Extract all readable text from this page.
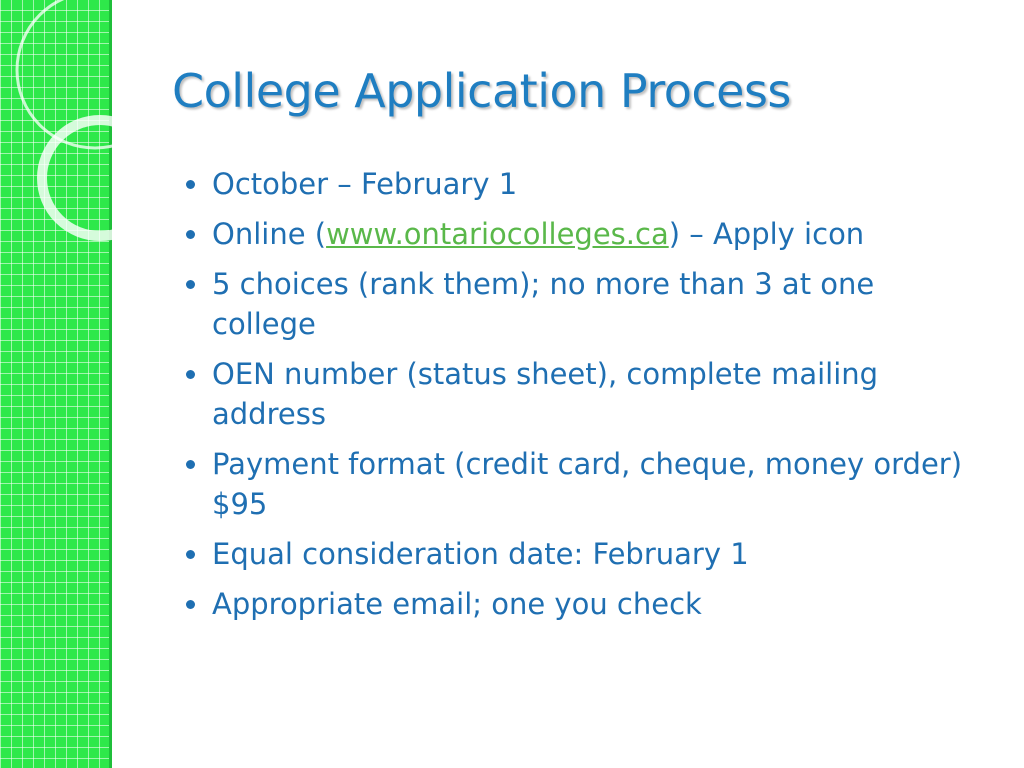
College Application Process
October – February 1
Online (www.ontariocolleges.ca) – Apply icon
5 choices (rank them); no more than 3 at one college
OEN number (status sheet), complete mailing address
Payment format (credit card, cheque, money order) $95
Equal consideration date: February 1
Appropriate email; one you check
